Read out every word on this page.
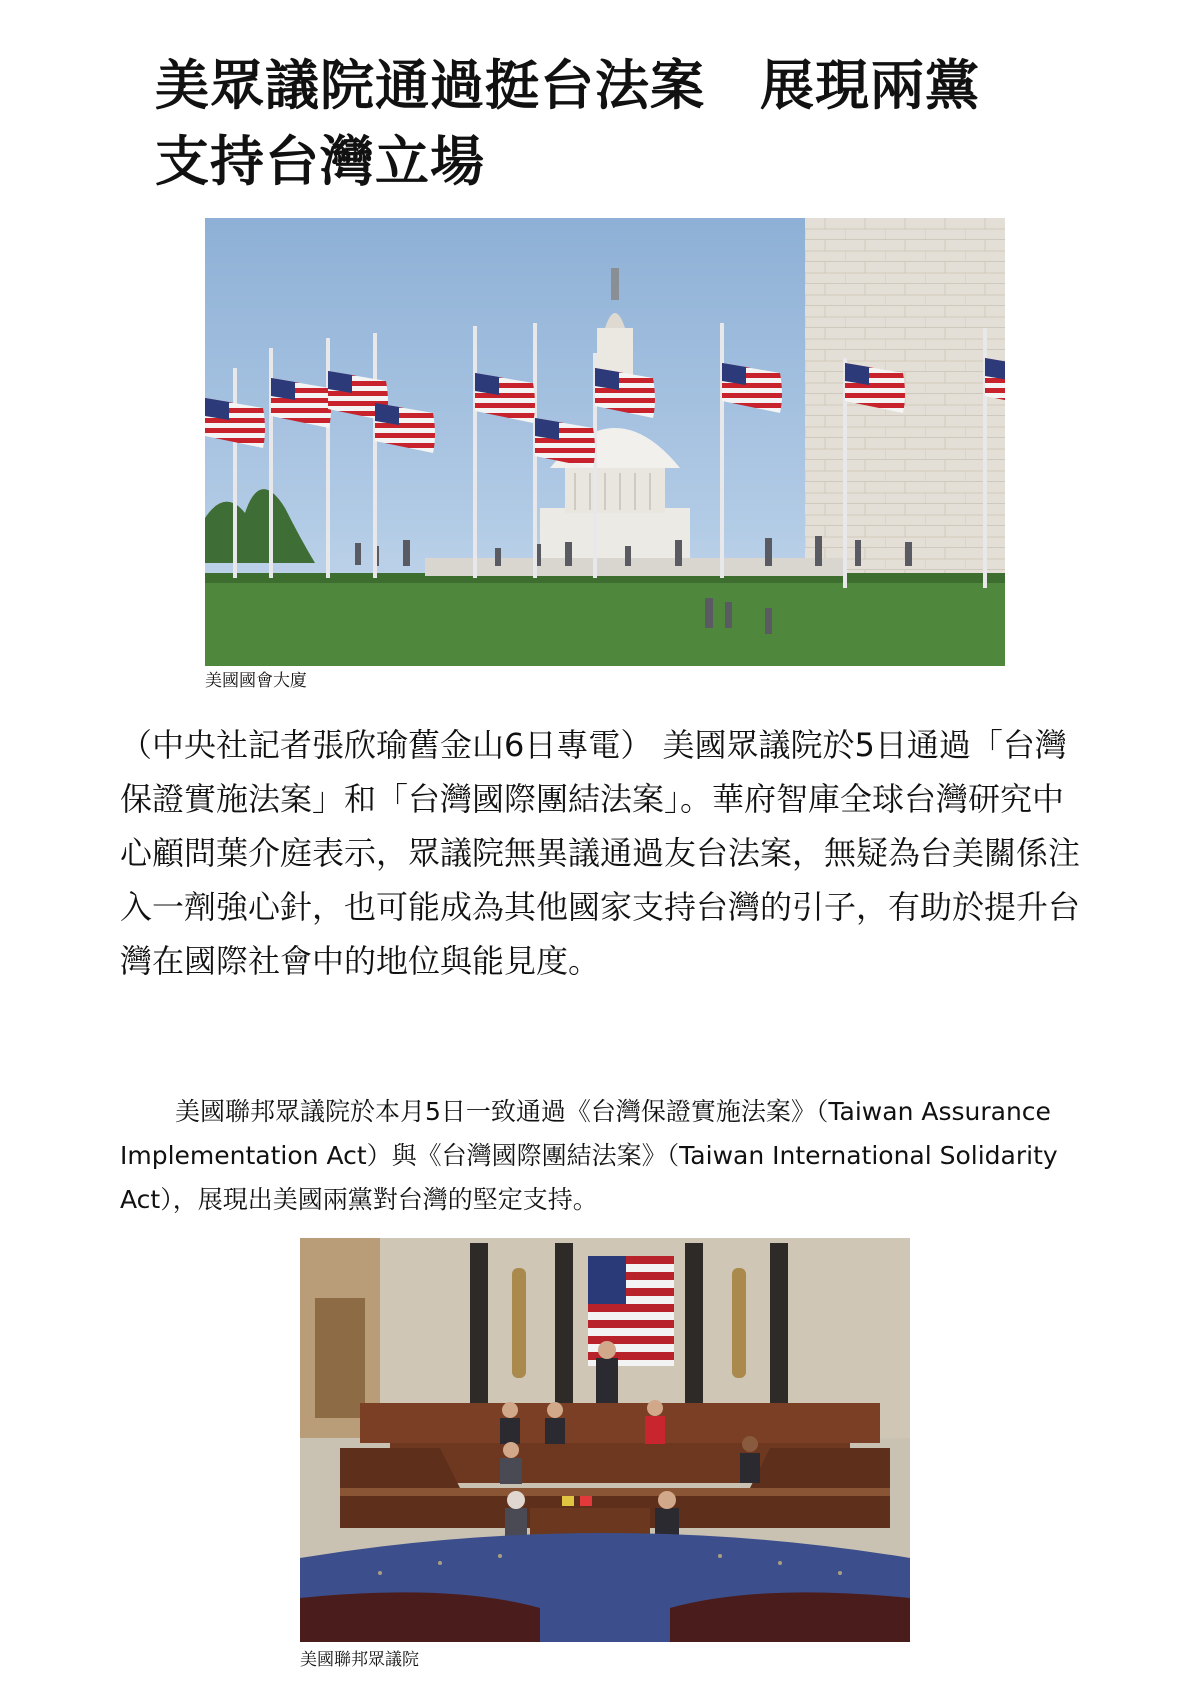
美眾議院通過挺台法案　展現兩黨
支持台灣立場
美國國會大廈

（中央社記者張欣瑜舊金山6日專電） 美國眾議院於5日通過「台灣保證實施法案」和「台灣國際團結法案」。華府智庫全球台灣研究中心顧問葉介庭表示，眾議院無異議通過友台法案，無疑為台美關係注入一劑強心針，也可能成為其他國家支持台灣的引子，有助於提升台灣在國際社會中的地位與能見度。

美國聯邦眾議院於本月5日一致通過《台灣保證實施法案》（Taiwan Assurance Implementation Act）與《台灣國際團結法案》（Taiwan International Solidarity Act），展現出美國兩黨對台灣的堅定支持。

美國聯邦眾議院
